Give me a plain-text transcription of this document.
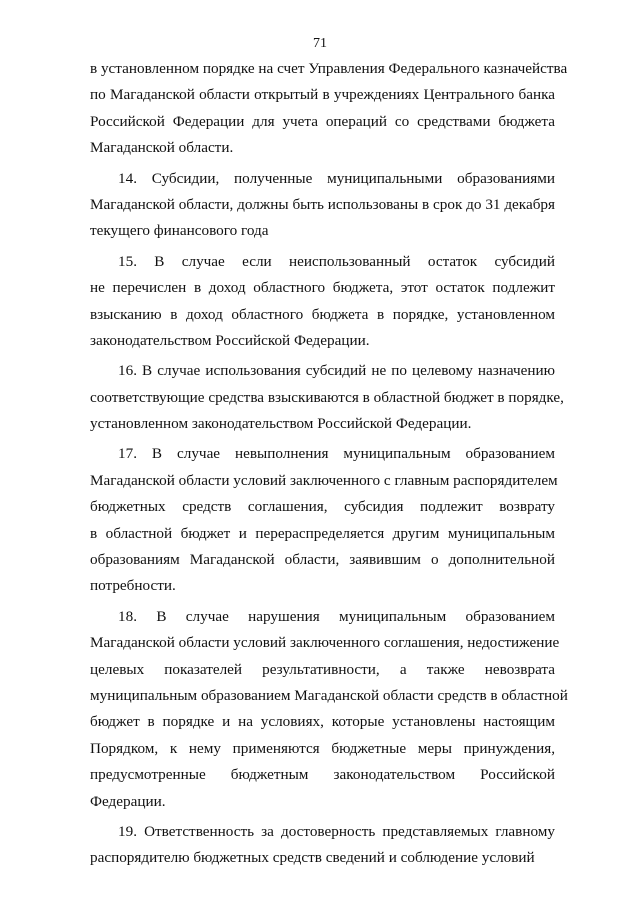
71
в установленном порядке на счет Управления Федерального казначейства
по Магаданской области открытый в учреждениях Центрального банка
Российской Федерации для учета операций со средствами бюджета
Магаданской области.
14. Субсидии, полученные муниципальными образованиями
Магаданской области, должны быть использованы в срок до 31 декабря
текущего финансового года
15. В случае если неиспользованный остаток субсидий
не перечислен в доход областного бюджета, этот остаток подлежит
взысканию в доход областного бюджета в порядке, установленном
законодательством Российской Федерации.
16. В случае использования субсидий не по целевому назначению
соответствующие средства взыскиваются в областной бюджет в порядке,
установленном законодательством Российской Федерации.
17. В случае невыполнения муниципальным образованием
Магаданской области условий заключенного с главным распорядителем
бюджетных средств соглашения, субсидия подлежит возврату
в областной бюджет и перераспределяется другим муниципальным
образованиям Магаданской области, заявившим о дополнительной
потребности.
18. В случае нарушения муниципальным образованием
Магаданской области условий заключенного соглашения, недостижение
целевых показателей результативности, а также невозврата
муниципальным образованием Магаданской области средств в областной
бюджет в порядке и на условиях, которые установлены настоящим
Порядком, к нему применяются бюджетные меры принуждения,
предусмотренные бюджетным законодательством Российской
Федерации.
19. Ответственность за достоверность представляемых главному
распорядителю бюджетных средств сведений и соблюдение условий
